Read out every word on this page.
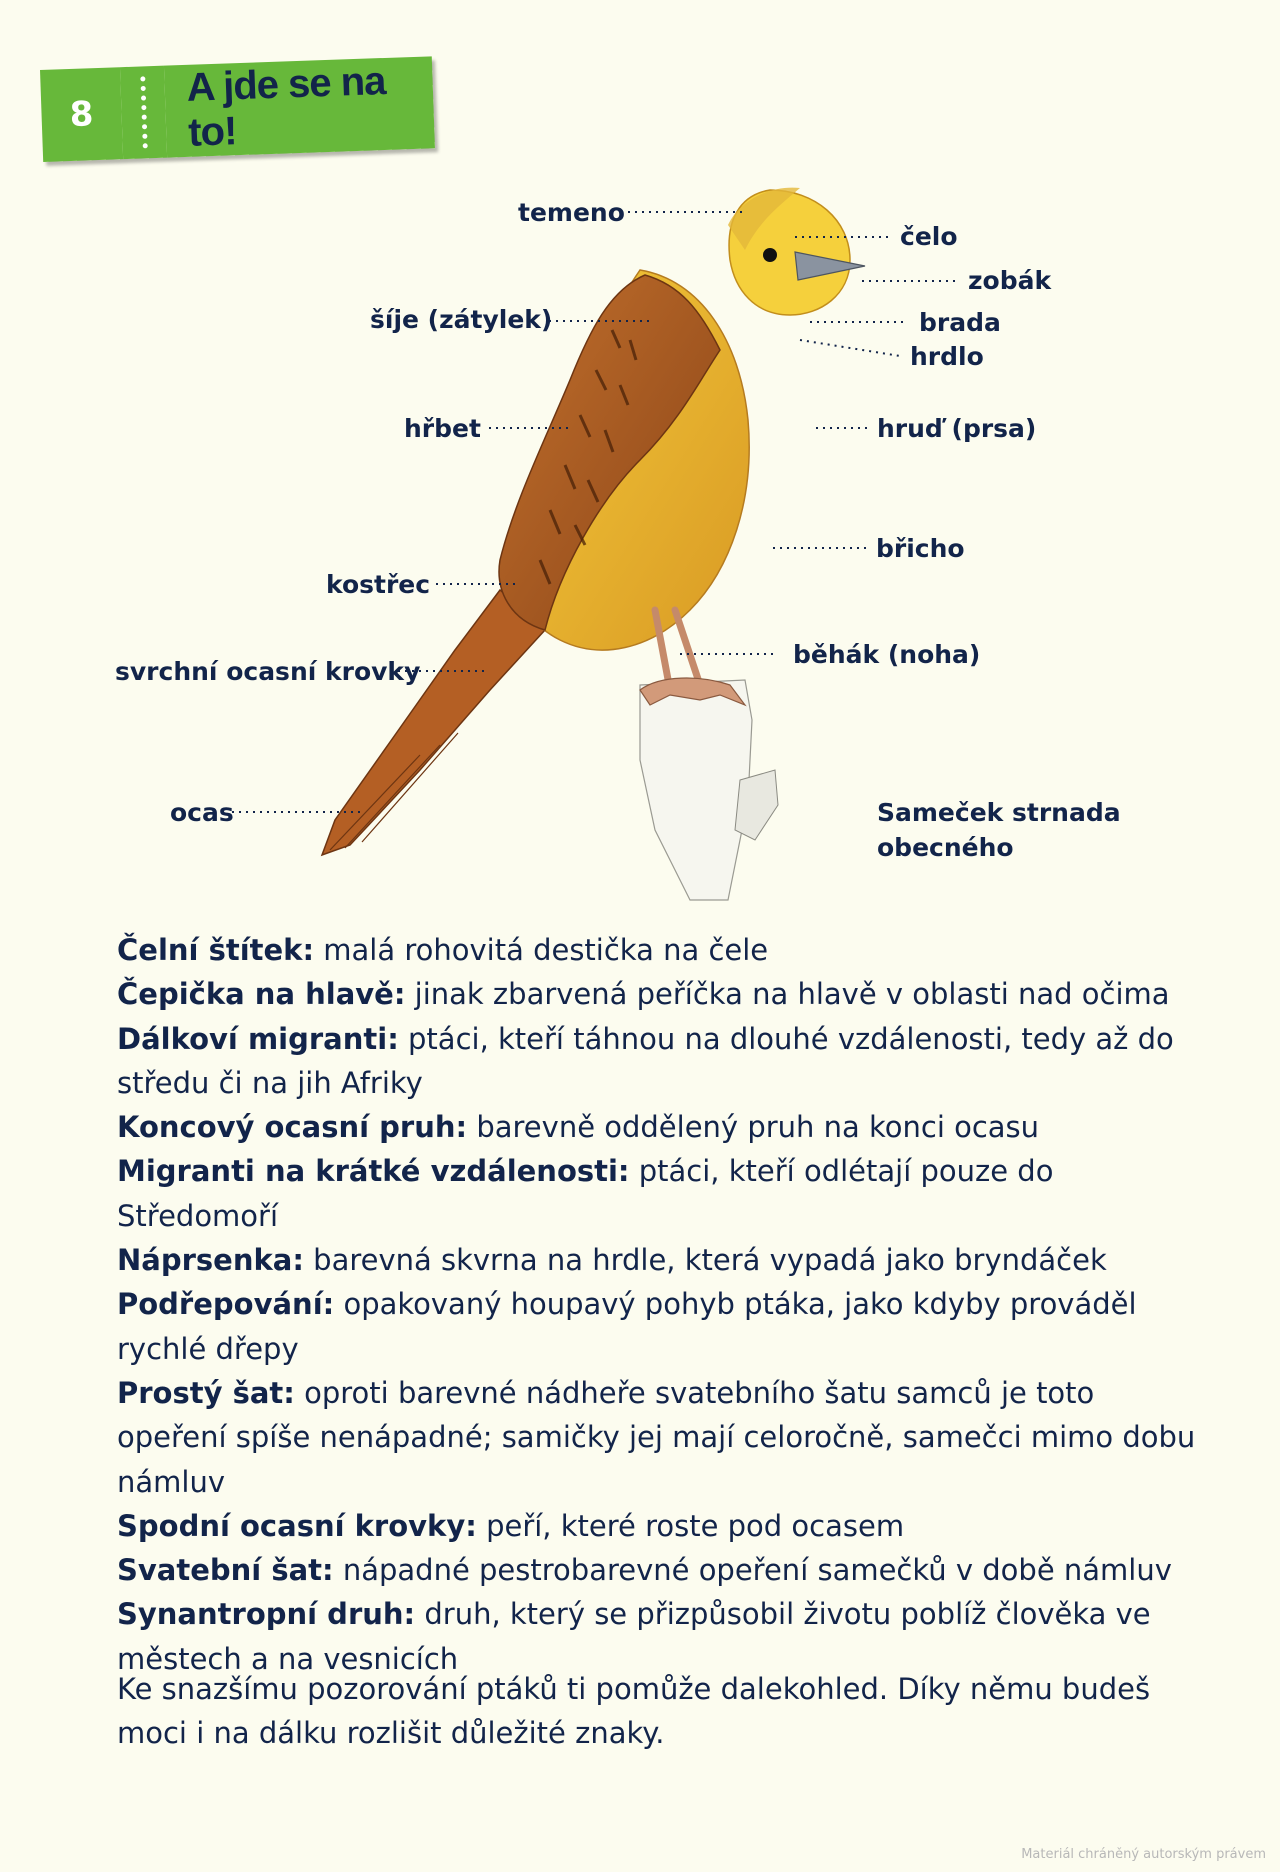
8
A jde se na to!
temeno
čelo
zobák
šíje (zátylek)	brada
hrdlo
hřbet	hruď (prsa)
břicho
kostřec
svrchní ocasní krovky
běhák (noha)
ocas	Sameček strnada
obecného

Čelní štítek: malá rohovitá destička na čele

Čepička na hlavě: jinak zbarvená peříčka na hlavě v oblasti nad očima

Dálkoví migranti: ptáci, kteří táhnou na dlouhé vzdálenosti, tedy až do středu či na jih Afriky

Koncový ocasní pruh: barevně oddělený pruh na konci ocasu

Migranti na krátké vzdálenosti: ptáci, kteří odlétají pouze do Středomoří

Náprsenka: barevná skvrna na hrdle, která vypadá jako bryndáček

Podřepování: opakovaný houpavý pohyb ptáka, jako kdyby prováděl rychlé dřepy

Prostý šat: oproti barevné nádheře svatebního šatu samců je toto opeření spíše nenápadné; samičky jej mají celoročně, samečci mimo dobu námluv

Spodní ocasní krovky: peří, které roste pod ocasem

Svatební šat: nápadné pestrobarevné opeření samečků v době námluv

Synantropní druh: druh, který se přizpůsobil životu poblíž člověka ve městech a na vesnicích

Ke snazšímu pozorování ptáků ti pomůže dalekohled. Díky němu budeš moci i na dálku rozlišit důležité znaky.

Materiál chráněný autorským právem
